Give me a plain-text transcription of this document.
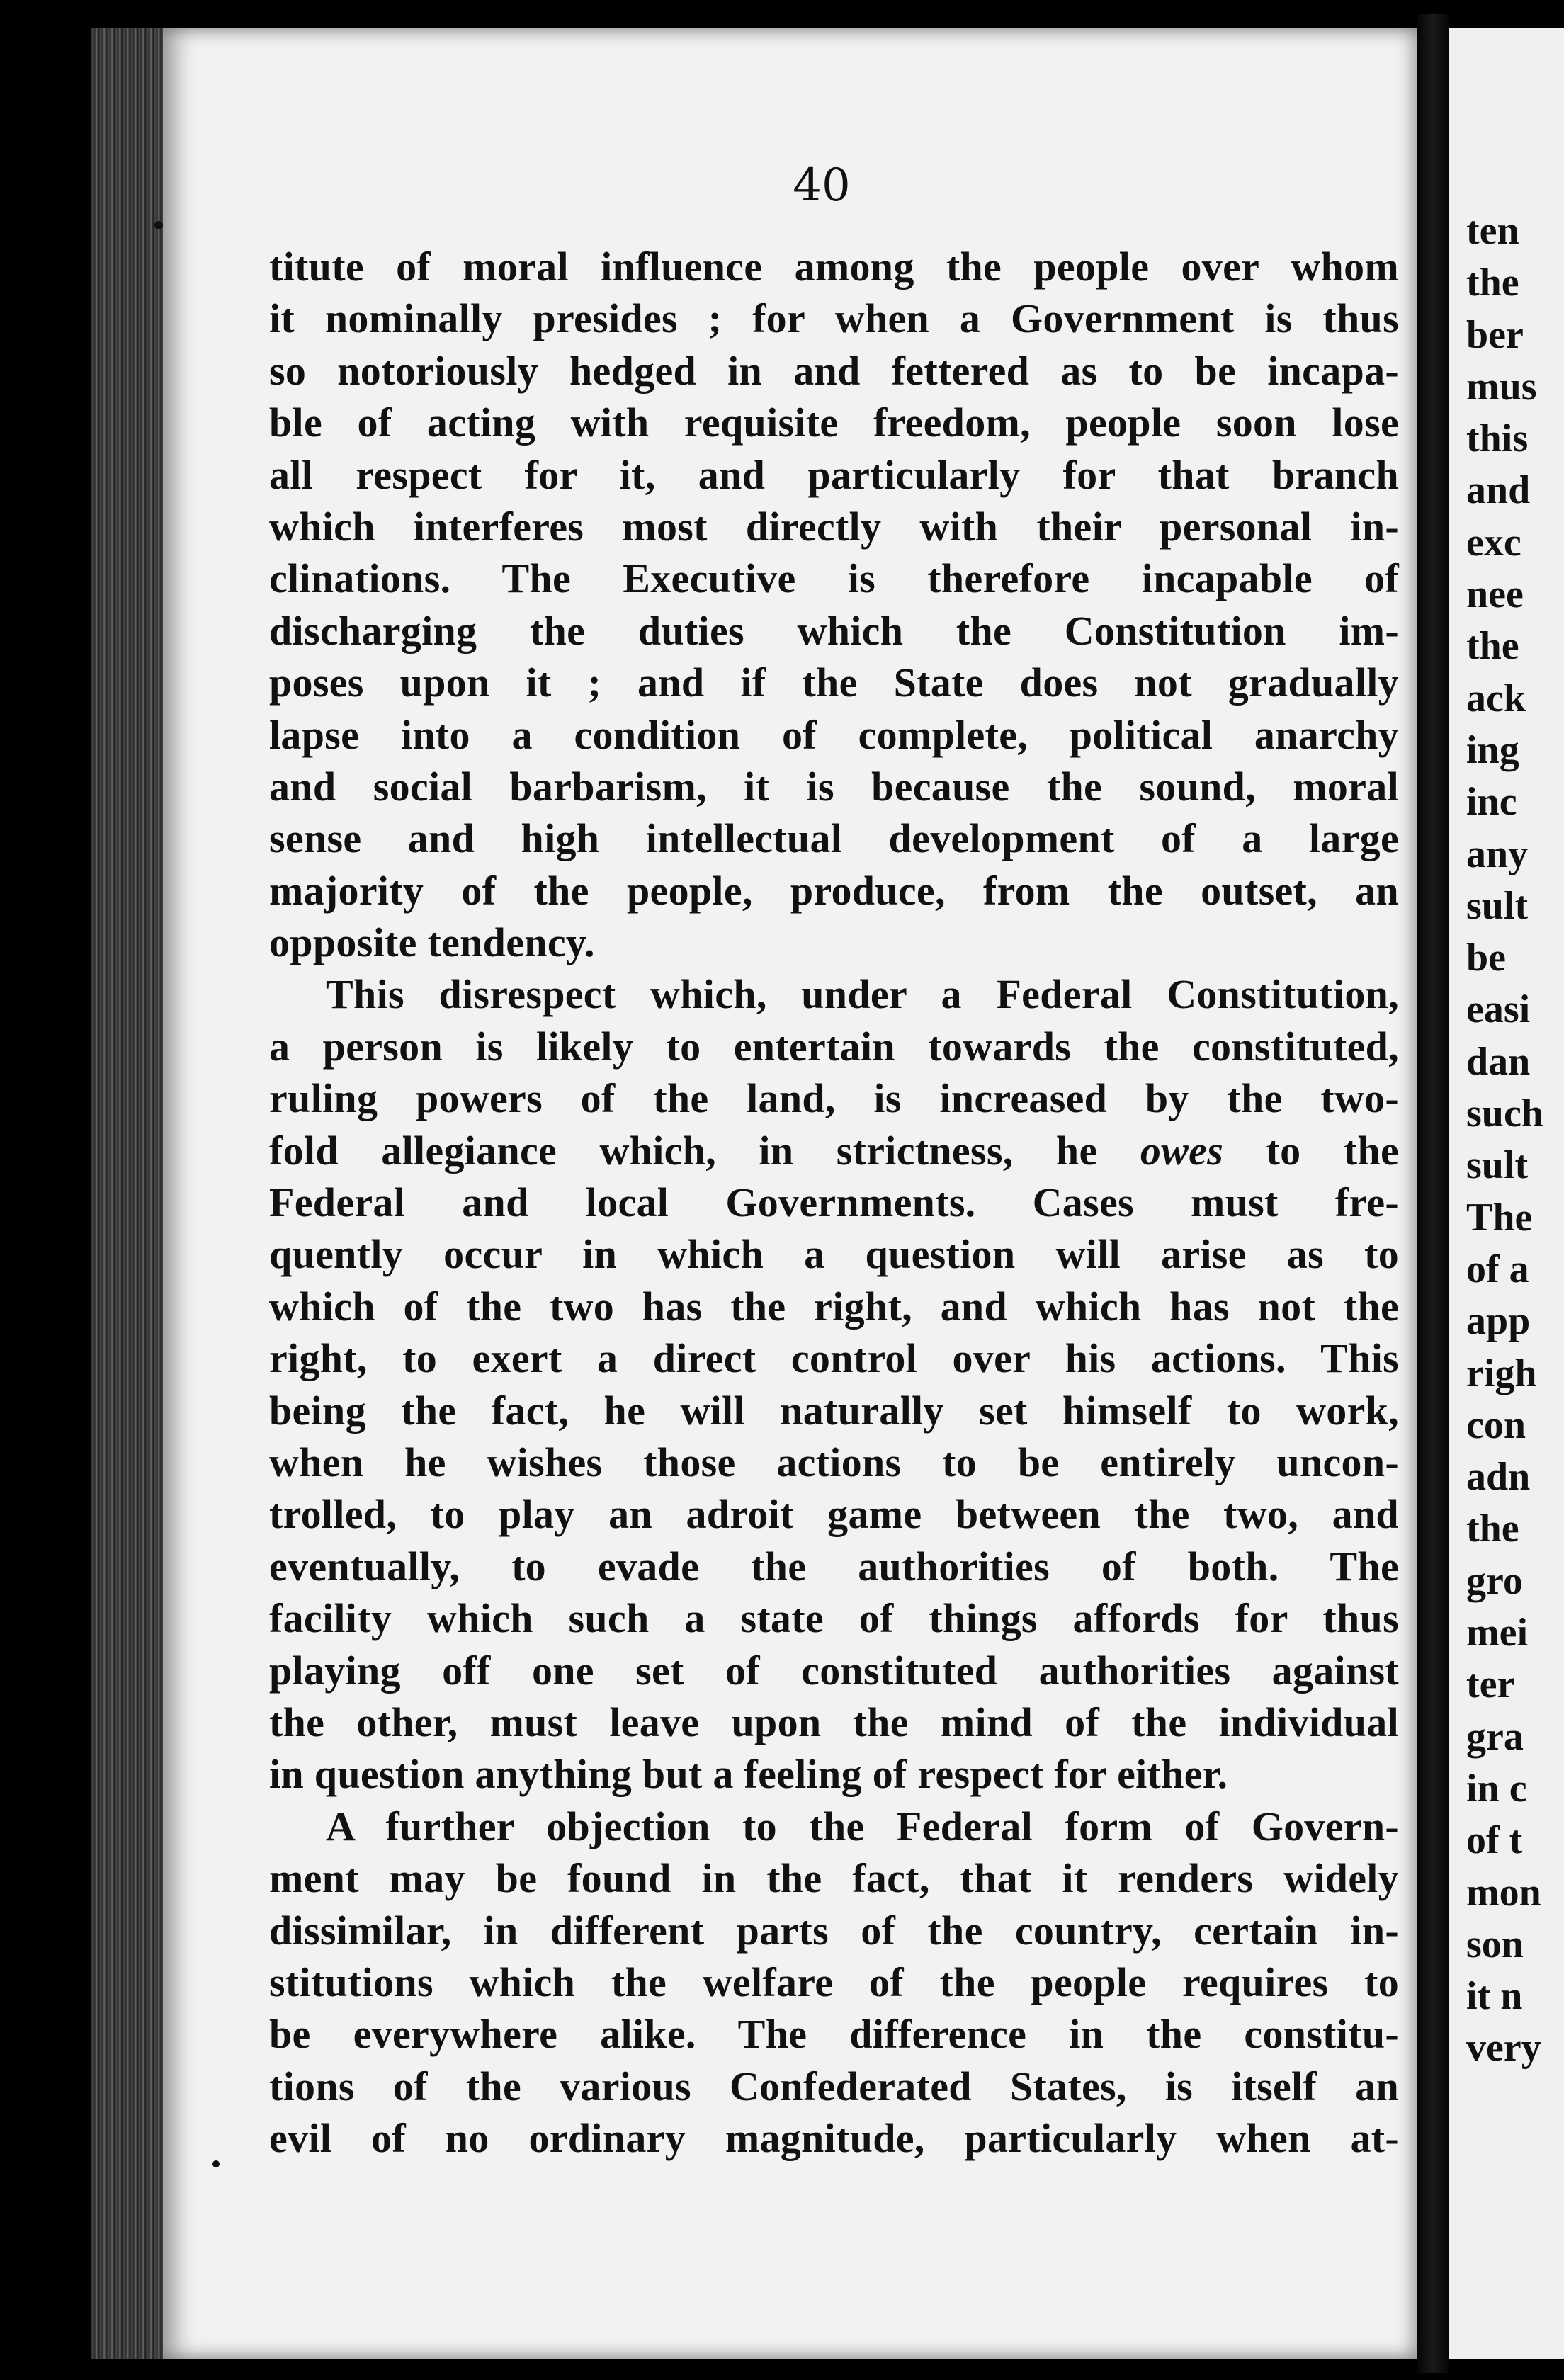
40
titute of moral influence among the people over whom
it nominally presides ; for when a Government is thus
so notoriously hedged in and fettered as to be incapa-
ble of acting with requisite freedom, people soon lose
all respect for it, and particularly for that branch
which interferes most directly with their personal in-
clinations. The Executive is therefore incapable of
discharging the duties which the Constitution im-
poses upon it ; and if the State does not gradually
lapse into a condition of complete, political anarchy
and social barbarism, it is because the sound, moral
sense and high intellectual development of a large
majority of the people, produce, from the outset, an
opposite tendency.
This disrespect which, under a Federal Constitution,
a person is likely to entertain towards the constituted,
ruling powers of the land, is increased by the two-
fold allegiance which, in strictness, he owes to the
Federal and local Governments. Cases must fre-
quently occur in which a question will arise as to
which of the two has the right, and which has not the
right, to exert a direct control over his actions. This
being the fact, he will naturally set himself to work,
when he wishes those actions to be entirely uncon-
trolled, to play an adroit game between the two, and
eventually, to evade the authorities of both. The
facility which such a state of things affords for thus
playing off one set of constituted authorities against
the other, must leave upon the mind of the individual
in question anything but a feeling of respect for either.
A further objection to the Federal form of Govern-
ment may be found in the fact, that it renders widely
dissimilar, in different parts of the country, certain in-
stitutions which the welfare of the people requires to
be everywhere alike. The difference in the constitu-
tions of the various Confederated States, is itself an
evil of no ordinary magnitude, particularly when at-
ten
the
ber
mus
this
and
exc
nee
the
ack
ing
inc
any
sult
be
easi
dan
such
sult
The
of a
app
righ
con
adn
the
gro
mei
ter
gra
in c
of t
mon
son
it n
very
